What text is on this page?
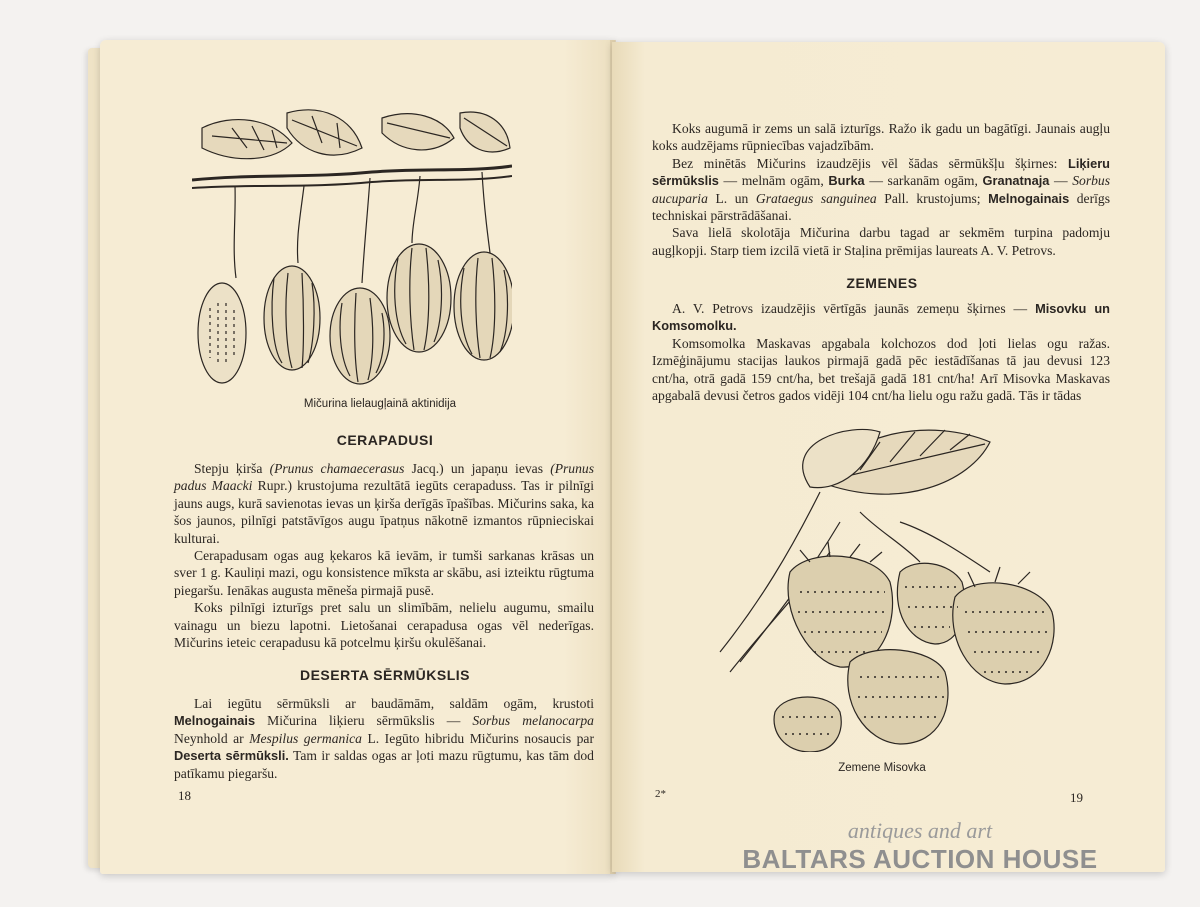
Mičurina lielaugļainā aktinidija
CERAPADUSI

Stepju ķirša (Prunus chamaecerasus Jacq.) un japaņu ievas (Prunus padus Maacki Rupr.) krustojuma rezultātā iegūts cerapaduss. Tas ir pilnīgi jauns augs, kurā savienotas ievas un ķirša derīgās īpašības. Mičurins saka, ka šos jaunos, pilnīgi patstāvīgos augu īpatņus nākotnē izmantos rūpnieciskai kulturai.

Cerapadusam ogas aug ķekaros kā ievām, ir tumši sarkanas krāsas un sver 1 g. Kauliņi mazi, ogu konsistence mīksta ar skābu, asi izteiktu rūgtuma piegaršu. Ienākas augusta mēneša pirmajā pusē.

Koks pilnīgi izturīgs pret salu un slimībām, nelielu augumu, smailu vainagu un biezu lapotni. Lietošanai cerapadusa ogas vēl nederīgas. Mičurins ieteic cerapadusu kā potcelmu ķiršu okulēšanai.

DESERTA SĒRMŪKSLIS

Lai iegūtu sērmūksli ar baudāmām, saldām ogām, krustoti Melnogainais Mičurina liķieru sērmūkslis — Sorbus melanocarpa Neynhold ar Mespilus germanica L. Iegūto hibridu Mičurins nosaucis par Deserta sērmūksli. Tam ir saldas ogas ar ļoti mazu rūgtumu, kas tām dod patīkamu piegaršu.

18

Koks augumā ir zems un salā izturīgs. Ražo ik gadu un bagātīgi. Jaunais augļu koks audzējams rūpniecības vajadzībām.

Bez minētās Mičurins izaudzējis vēl šādas sērmūkšļu šķirnes: Liķieru sērmūkslis — melnām ogām, Burka — sarkanām ogām, Granatnaja — Sorbus aucuparia L. un Grataegus sanguinea Pall. krustojums; Melnogainais derīgs techniskai pārstrādāšanai.

Sava lielā skolotāja Mičurina darbu tagad ar sekmēm turpina padomju augļkopji. Starp tiem izcilā vietā ir Staļina prēmijas laureats A. V. Petrovs.

ZEMENES

A. V. Petrovs izaudzējis vērtīgās jaunās zemeņu šķirnes — Misovku un Komsomolku.

Komsomolka Maskavas apgabala kolchozos dod ļoti lielas ogu ražas. Izmēģinājumu stacijas laukos pirmajā gadā pēc iestādīšanas tā jau devusi 123 cnt/ha, otrā gadā 159 cnt/ha, bet trešajā gadā 181 cnt/ha! Arī Misovka Maskavas apgabalā devusi četros gados vidēji 104 cnt/ha lielu ogu ražu gadā. Tās ir tādas

Zemene Misovka
2*	19
antiques and art
BALTARS AUCTION HOUSE
